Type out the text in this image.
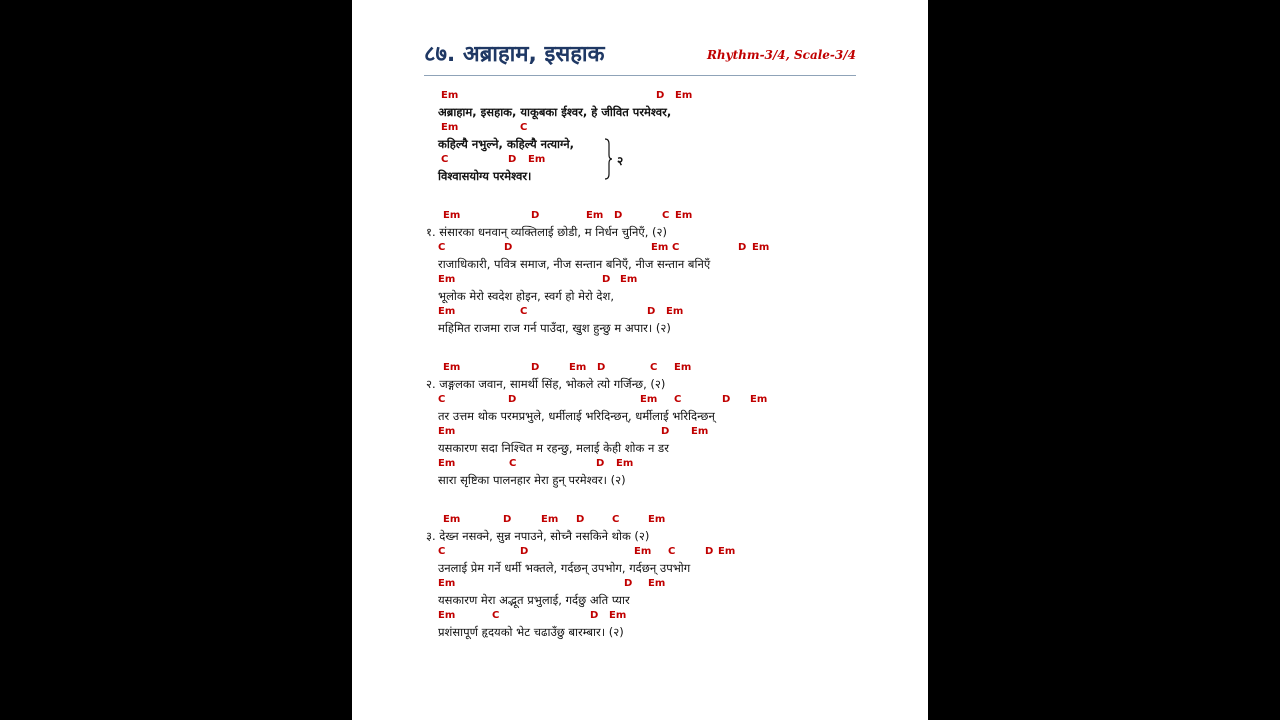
८७. अब्राहाम, इसहाक	Rhythm-3/4, Scale-3/4
Em	D Em
अब्राहाम, इसहाक, याकूबका ईश्वर, हे जीवित परमेश्वर,
Em	C
कहिल्यै नभुल्ने, कहिल्यै नत्याग्ने,
C	D Em
विश्वासयोग्य परमेश्वर।
२
Em	D	Em D	C Em
१. संसारका धनवान् व्यक्तिलाई छोडी, म निर्धन चुनिएँ, (२)
C	D	Em C	D Em
राजाधिकारी, पवित्र समाज, नीज सन्तान बनिएँ, नीज सन्तान बनिएँ
Em	D Em
भूलोक मेरो स्वदेश होइन, स्वर्ग हो मेरो देश,
Em	C	D Em
महिमित राजमा राज गर्न पाउँदा, खुश हुन्छु म अपार। (२)
Em	D	Em D	C Em
२. जङ्गलका जवान, सामर्थी सिंह, भोकले त्यो गर्जिन्छ, (२)
C	D	Em C	D Em
तर उत्तम थोक परमप्रभुले, धर्मीलाई भरिदिन्छन्, धर्मीलाई भरिदिन्छन्
Em	D Em
यसकारण सदा निश्चित म रहन्छु, मलाई केही शोक न डर
Em	C	D Em
सारा सृष्टिका पालनहार मेरा हुन् परमेश्वर। (२)
Em	D	Em D	C	Em
३. देख्न नसक्ने, सुन्न नपाउने, सोच्नै नसकिने थोक (२)
C	D	Em C	D Em
उनलाई प्रेम गर्ने धर्मी भक्तले, गर्दछन् उपभोग, गर्दछन् उपभोग
Em	D Em
यसकारण मेरा अद्भूत प्रभुलाई, गर्दछु अति प्यार
Em	C	D Em
प्रशंसापूर्ण हृदयको भेट चढाउँछु बारम्बार। (२)
